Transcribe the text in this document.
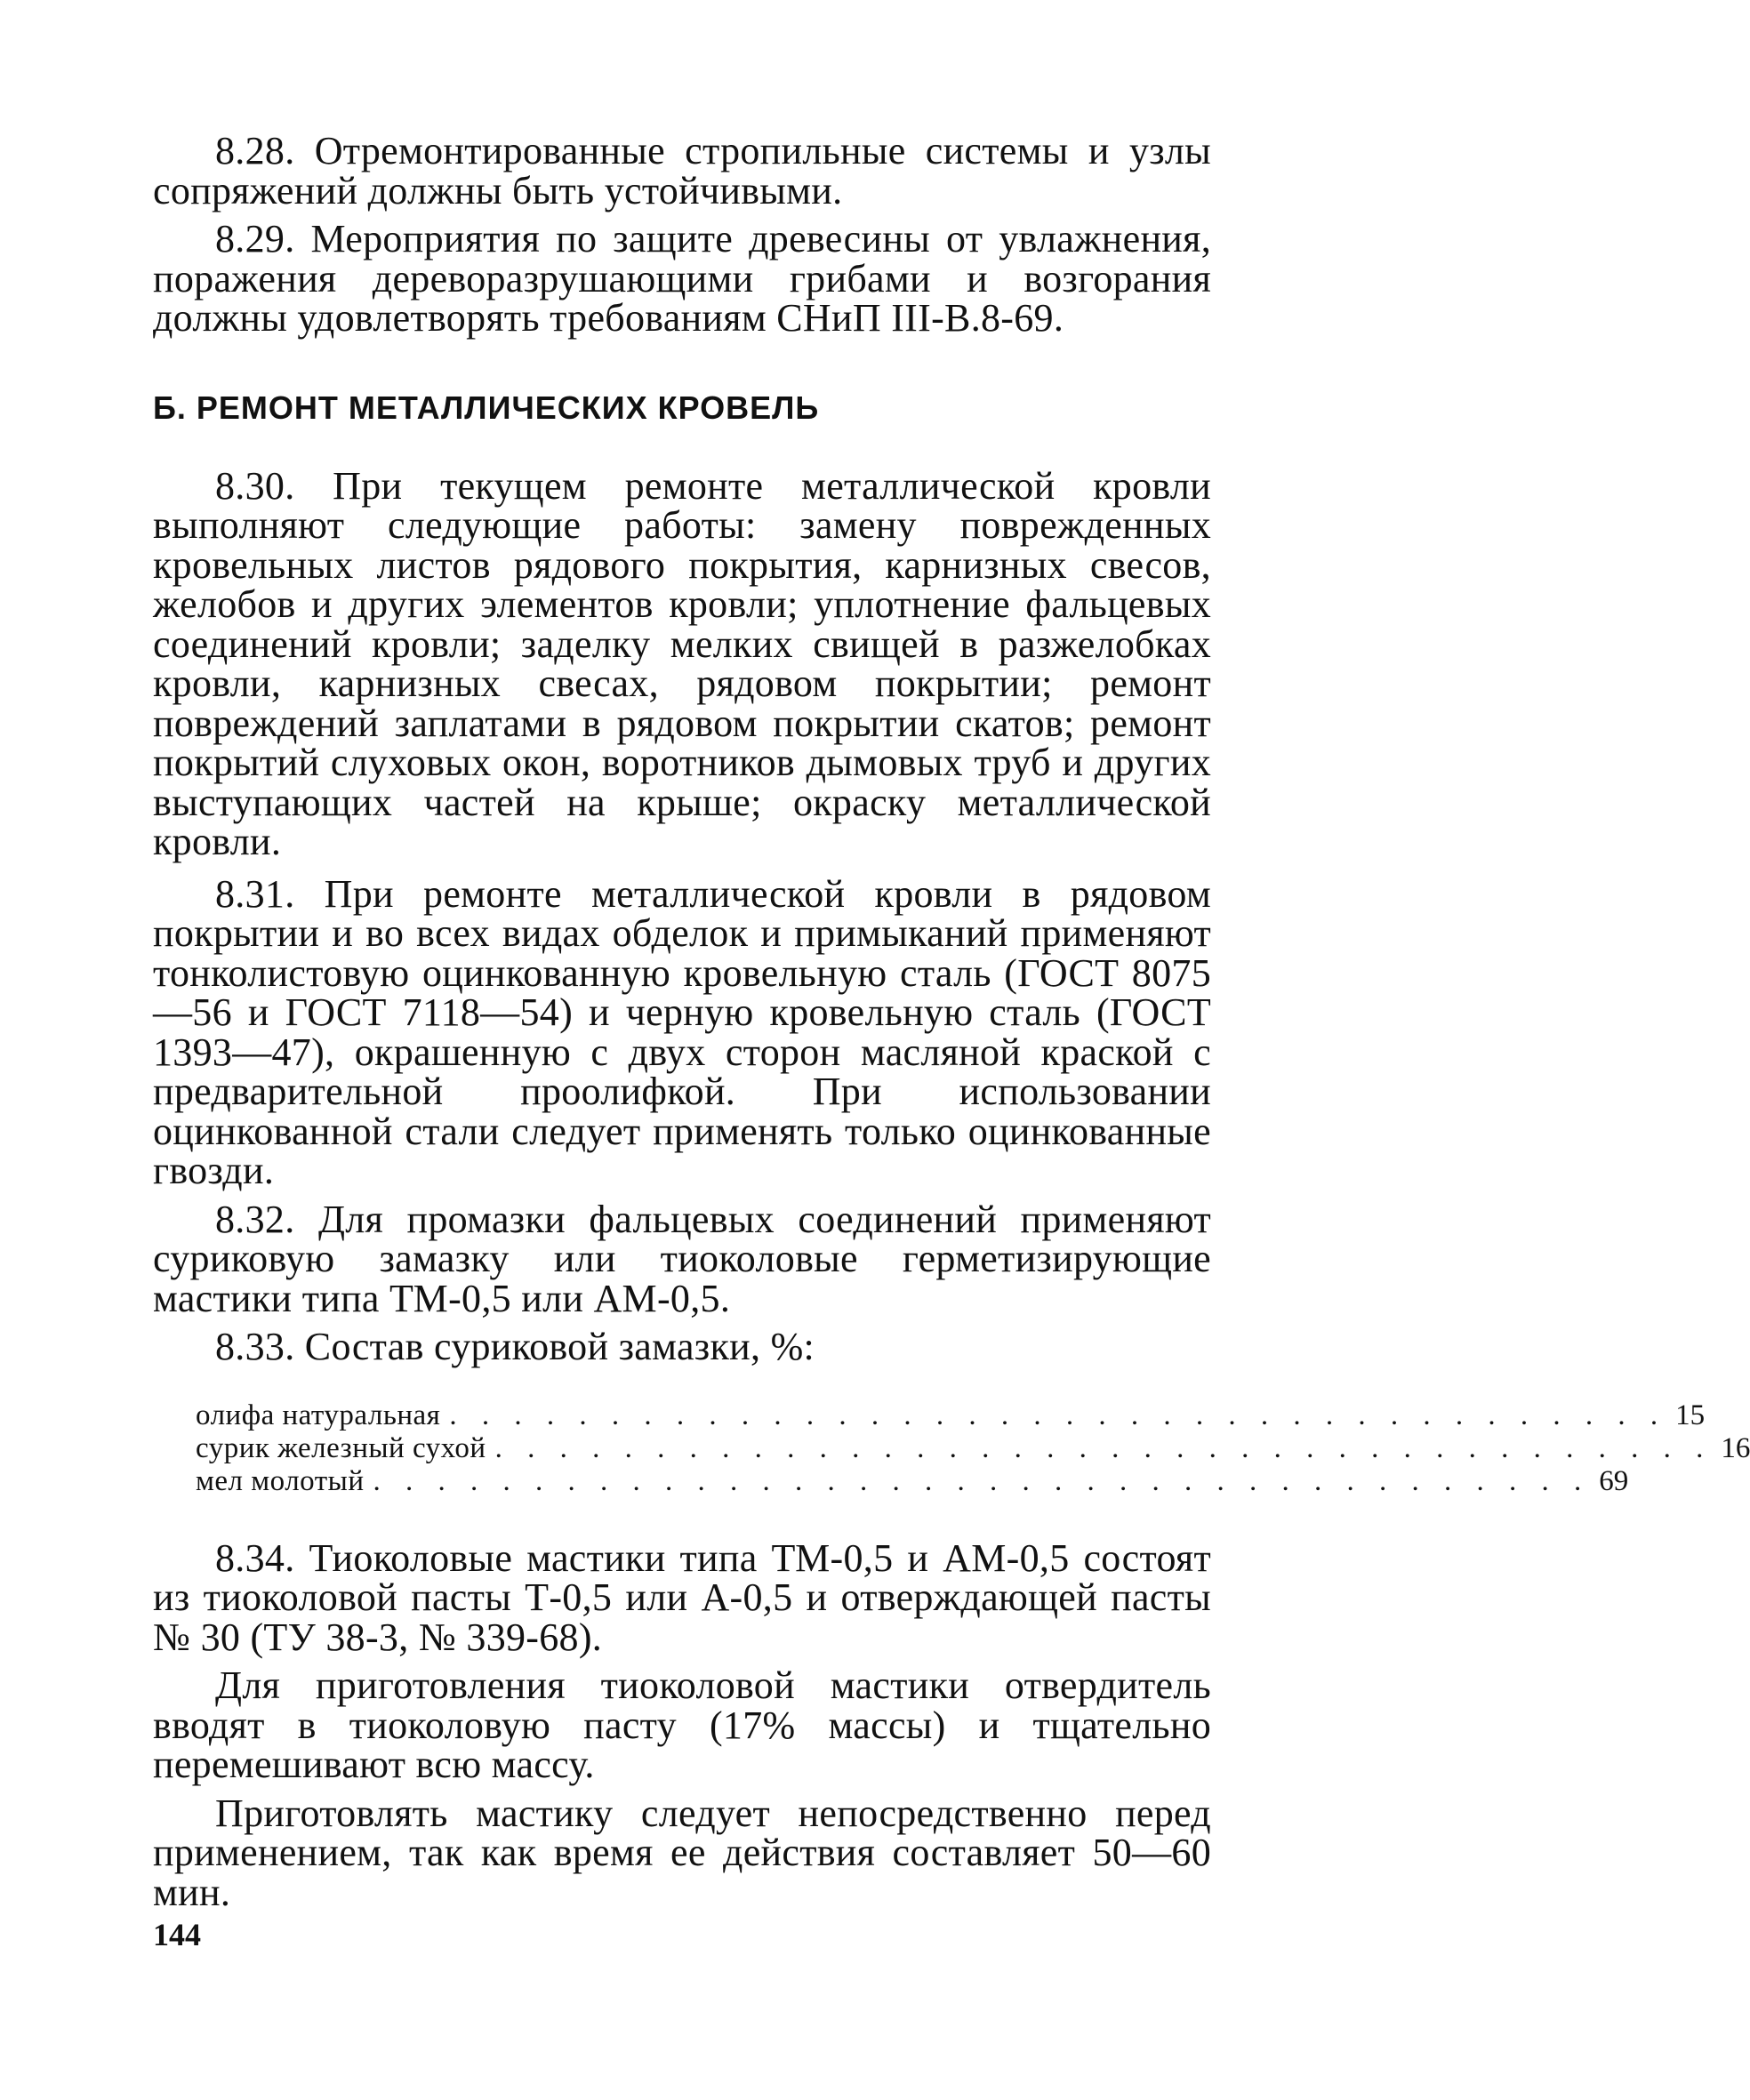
8.28. Отремонтированные стропильные системы и узлы сопряжений должны быть устойчивыми.

8.29. Мероприятия по защите древесины от увлажнения, поражения дереворазрушающими грибами и возгорания должны удовлетворять требованиям СНиП III-В.8-69.

Б. РЕМОНТ МЕТАЛЛИЧЕСКИХ КРОВЕЛЬ

8.30. При текущем ремонте металлической кровли выполняют следующие работы: замену поврежденных кровельных листов рядового покрытия, карнизных свесов, желобов и других элементов кровли; уплотнение фальцевых соединений кровли; заделку мелких свищей в разжелобках кровли, карнизных свесах, рядовом покрытии; ремонт повреждений заплатами в рядовом покрытии скатов; ремонт покрытий слуховых окон, воротников дымовых труб и других выступающих частей на крыше; окраску металлической кровли.

8.31. При ремонте металлической кровли в рядовом покрытии и во всех видах обделок и примыканий применяют тонколистовую оцинкованную кровельную сталь (ГОСТ 8075—56 и ГОСТ 7118—54) и черную кровельную сталь (ГОСТ 1393—47), окрашенную с двух сторон масляной краской с предварительной проолифкой. При использовании оцинкованной стали следует применять только оцинкованные гвозди.

8.32. Для промазки фальцевых соединений применяют суриковую замазку или тиоколовые герметизирующие мастики типа ТМ-0,5 или АМ-0,5.

8.33. Состав суриковой замазки, %:

олифа натуральная . . . . . . . . . . . . . . . . . . . . . . . . . . . . . . . . . . . . . . 15
сурик железный сухой . . . . . . . . . . . . . . . . . . . . . . . . . . . . . . . . . . . . . . 16
мел молотый . . . . . . . . . . . . . . . . . . . . . . . . . . . . . . . . . . . . . . 69

8.34. Тиоколовые мастики типа ТМ-0,5 и АМ-0,5 состоят из тиоколовой пасты Т-0,5 или А-0,5 и отверждающей пасты № 30 (ТУ 38-3, № 339-68).

Для приготовления тиоколовой мастики отвердитель вводят в тиоколовую пасту (17% массы) и тщательно перемешивают всю массу.

Приготовлять мастику следует непосредственно перед применением, так как время ее действия составляет 50—60 мин.

144
